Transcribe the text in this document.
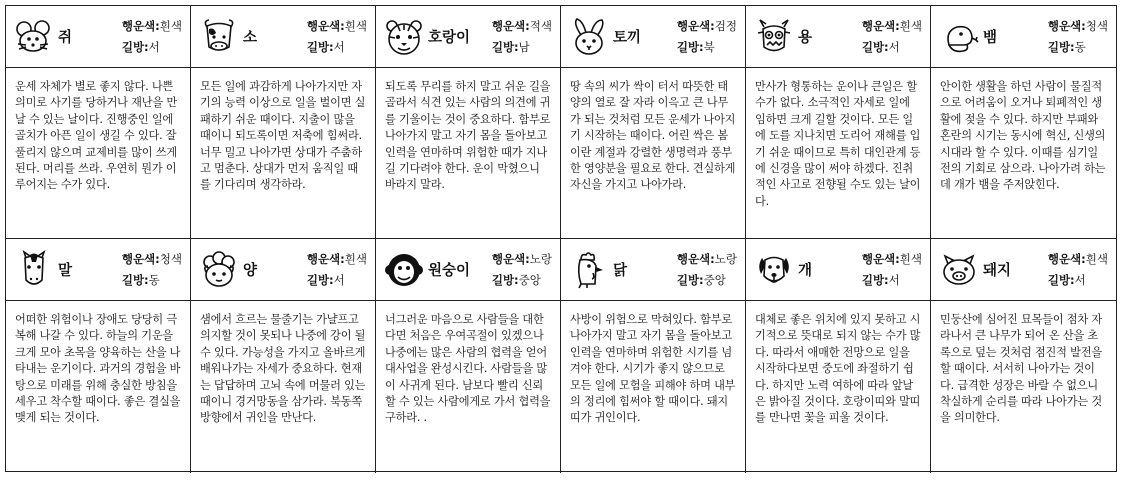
쥐
행운색:흰색
길방:서
소
행운색:흰색
길방:서
호랑이
행운색:적색
길방:남
토끼
행운색:검정
길방:북
용
행운색:흰색
길방:서
뱀
행운색:청색
길방:동
운세 자체가 별로 좋지 않다. 나쁜 의미로 사기를 당하거나 재난을 만날 수 있는 날이다. 진행중인 일에 골치가 아픈 일이 생길 수 있다. 잘 풀리지 않으며 교제비를 많이 쓰게 된다. 머리를 쓰라. 우연히 뭔가 이루어지는 수가 있다.
모든 일에 과감하게 나아가지만 자기의 능력 이상으로 일을 벌이면 실패하기 쉬운 때이다. 지출이 많을 때이니 되도록이면 저축에 힘써라. 너무 밀고 나아가면 상대가 주춤하고 멈춘다. 상대가 먼저 움직일 때를 기다리며 생각하라.
되도록 무리를 하지 말고 쉬운 길을 골라서 식견 있는 사람의 의견에 귀를 기울이는 것이 중요하다. 함부로 나아가지 말고 자기 몸을 돌아보고 인력을 연마하며 위험한 때가 지나길 기다려야 한다. 운이 막혔으니 바라지 말라.
땅 속의 씨가 싹이 터서 따뜻한 태양의 열로 잘 자라 이윽고 큰 나무가 되는 것처럼 모든 운세가 나아지기 시작하는 때이다. 어린 싹은 봄이란 계절과 강렬한 생명력과 풍부한 영양분을 필요로 한다. 견실하게 자신을 가지고 나아가라.
만사가 형통하는 운이나 큰일은 할 수가 없다. 소극적인 자세로 일에 임하면 크게 길할 것이다. 모든 일에 도를 지나치면 도리어 재해를 입기 쉬운 때이므로 특히 대인관계 등에 신경을 많이 써야 하겠다. 진취적인 사고로 전향될 수도 있는 날이다.
안이한 생활을 하던 사람이 물질적으로 어려움이 오거나 퇴폐적인 생활에 젖을 수 있다. 하지만 부패와 혼란의 시기는 동시에 혁신, 신생의 시대라 할 수 있다. 이때를 심기일전의 기회로 삼으라. 나아가려 하는데 개가 뱀을 주저앉힌다.
말
행운색:청색
길방:동
양
행운색:흰색
길방:서
원숭이
행운색:노랑
길방:중앙
닭
행운색:노랑
길방:중앙
개
행운색:흰색
길방:서
돼지
행운색:흰색
길방:서
어떠한 위험이나 장애도 당당히 극복해 나갈 수 있다. 하늘의 기운을 크게 모아 초목을 양육하는 산을 나타내는 운기이다. 과거의 경험을 바탕으로 미래를 위해 충실한 방침을 세우고 착수할 때이다. 좋은 결실을 맺게 되는 것이다.
샘에서 흐르는 물줄기는 가냘프고 의지할 것이 못되나 나중에 강이 될 수 있다. 가능성을 가지고 올바르게 배워나가는 자세가 중요하다. 현재는 답답하며 고뇌 속에 머물러 있는 때이니 경거망동을 삼가라. 북동쪽 방향에서 귀인을 만난다.
너그러운 마음으로 사람들을 대한다면 처음은 우여곡절이 있겠으나 나중에는 많은 사람의 협력을 얻어 대사업을 완성시킨다. 사람들을 많이 사귀게 된다. 남보다 빨리 신뢰할 수 있는 사람에게로 가서 협력을 구하라. .
사방이 위험으로 막혀있다. 함부로 나아가지 말고 자기 몸을 돌아보고 인력을 연마하며 위험한 시기를 넘겨야 한다. 시기가 좋지 않으므로 모든 일에 모험을 피해야 하며 내부의 정리에 힘써야 할 때이다. 돼지띠가 귀인이다.
대체로 좋은 위치에 있지 못하고 시기적으로 뜻대로 되지 않는 수가 많다. 따라서 애매한 전망으로 일을 시작하다보면 중도에 좌절하기 쉽다. 하지만 노력 여하에 따라 앞날은 밝아질 것이다. 호랑이띠와 말띠를 만나면 꽃을 피울 것이다.
민둥산에 심어진 묘목들이 점차 자라나서 큰 나무가 되어 온 산을 초록으로 덮는 것처럼 점진적 발전을 할 때이다. 서서히 나아가는 것이다. 급격한 성장은 바랄 수 없으니 착실하게 순리를 따라 나아가는 것을 의미한다.
